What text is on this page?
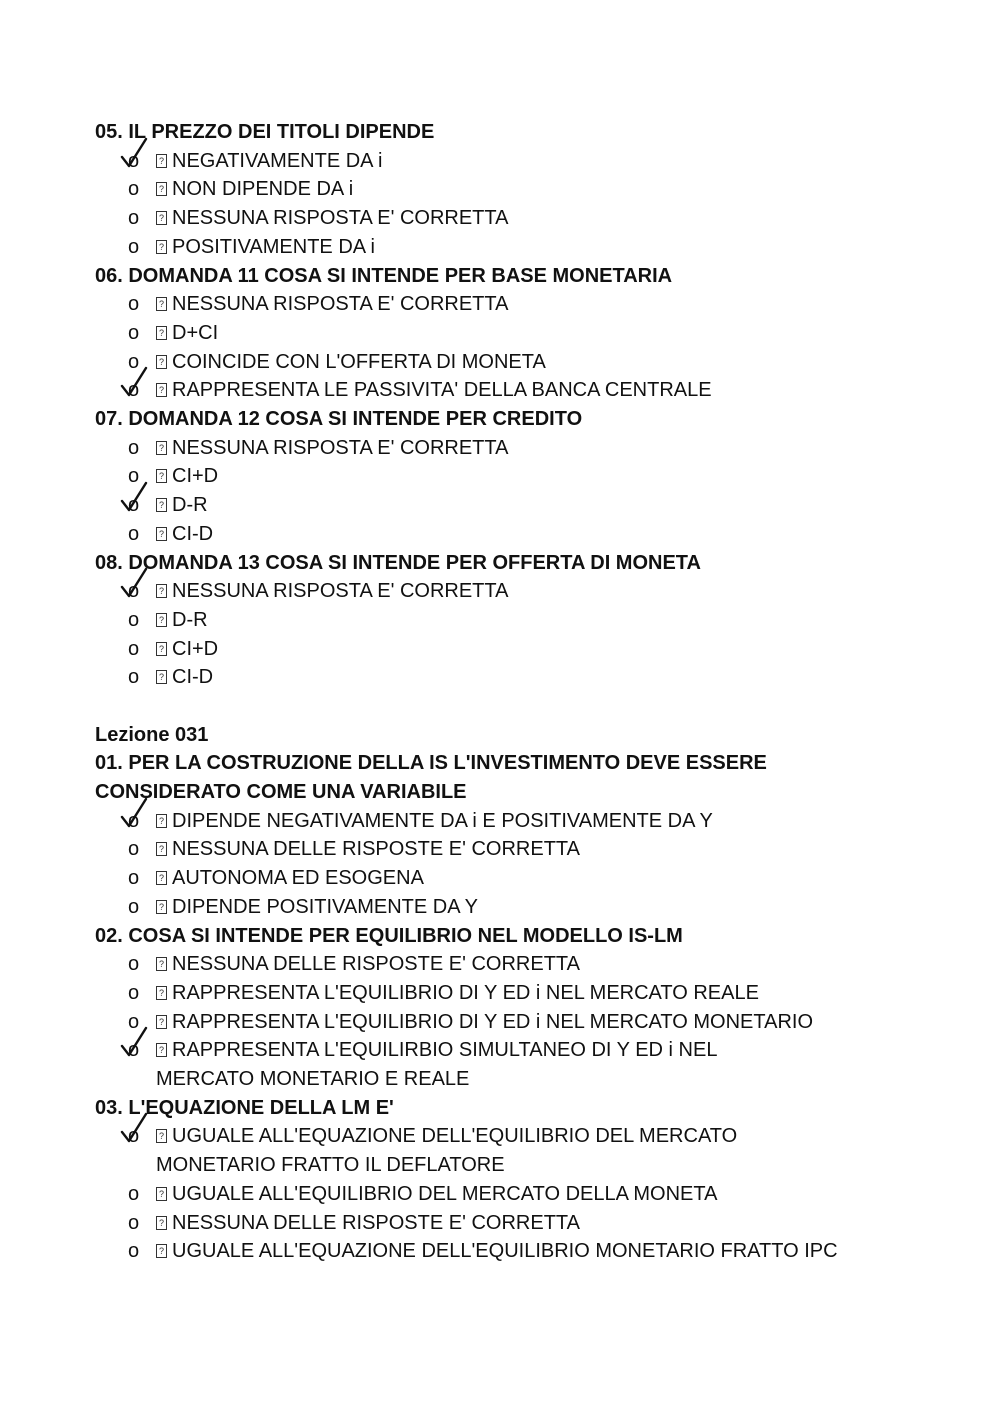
05. IL PREZZO DEI TITOLI DIPENDE
o ? NEGATIVAMENTE DA i
o ? NON DIPENDE DA i
o ? NESSUNA RISPOSTA E' CORRETTA
o ? POSITIVAMENTE DA i
06. DOMANDA 11 COSA SI INTENDE PER BASE MONETARIA
o ? NESSUNA RISPOSTA E' CORRETTA
o ? D+CI
o ? COINCIDE CON L'OFFERTA DI MONETA
o ? RAPPRESENTA LE PASSIVITA' DELLA BANCA CENTRALE
07. DOMANDA 12 COSA SI INTENDE PER CREDITO
o ? NESSUNA RISPOSTA E' CORRETTA
o ? CI+D
o ? D-R
o ? CI-D
08. DOMANDA 13 COSA SI INTENDE PER OFFERTA DI MONETA
o ? NESSUNA RISPOSTA E' CORRETTA
o ? D-R
o ? CI+D
o ? CI-D
Lezione 031
01. PER LA COSTRUZIONE DELLA IS L'INVESTIMENTO DEVE ESSERE CONSIDERATO COME UNA VARIABILE
o ? DIPENDE NEGATIVAMENTE DA i E POSITIVAMENTE DA Y
o ? NESSUNA DELLE RISPOSTE E' CORRETTA
o ? AUTONOMA ED ESOGENA
o ? DIPENDE POSITIVAMENTE DA Y
02. COSA SI INTENDE PER EQUILIBRIO NEL MODELLO IS-LM
o ? NESSUNA DELLE RISPOSTE E' CORRETTA
o ? RAPPRESENTA L'EQUILIBRIO DI Y ED i NEL MERCATO REALE
o ? RAPPRESENTA L'EQUILIBRIO DI Y ED i NEL MERCATO MONETARIO
o ? RAPPRESENTA L'EQUILIRBIO SIMULTANEO DI Y ED i NEL MERCATO MONETARIO E REALE
03. L'EQUAZIONE DELLA LM E'
o ? UGUALE ALL'EQUAZIONE DELL'EQUILIBRIO DEL MERCATO MONETARIO FRATTO IL DEFLATORE
o ? UGUALE ALL'EQUILIBRIO DEL MERCATO DELLA MONETA
o ? NESSUNA DELLE RISPOSTE E' CORRETTA
o ? UGUALE ALL'EQUAZIONE DELL'EQUILIBRIO MONETARIO FRATTO IPC
